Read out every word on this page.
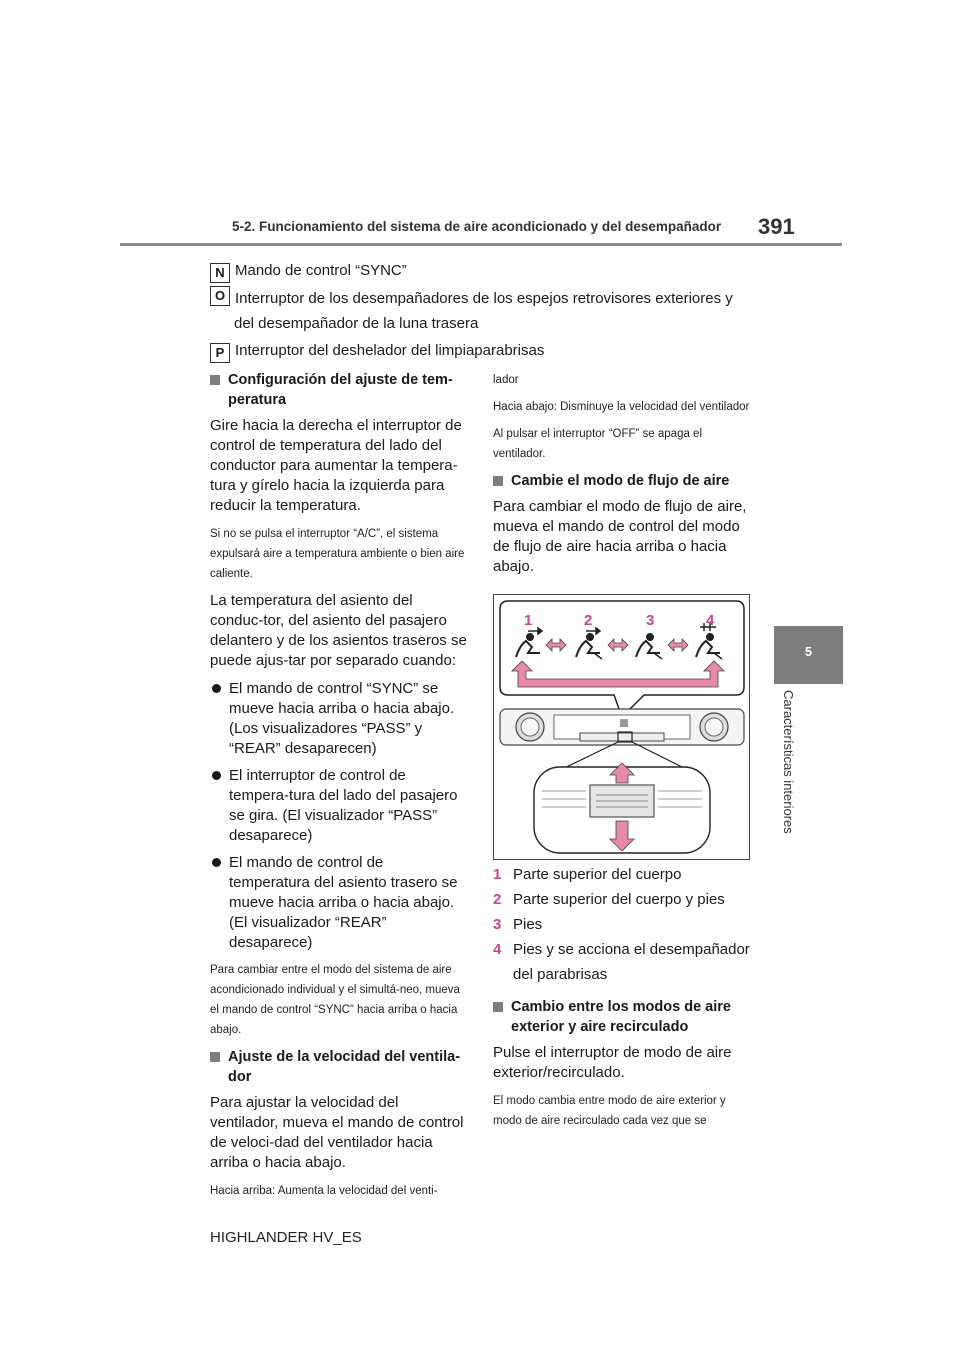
5-2. Funcionamiento del sistema de aire acondicionado y del desempañador 391
5
Características interiores
N Mando de control “SYNC”
O Interruptor de los desempañadores de los espejos retrovisores exteriores y del desempañador de la luna trasera
P Interruptor del deshelador del limpiaparabrisas
Configuración del ajuste de tem-peratura
Gire hacia la derecha el interruptor de control de temperatura del lado del conductor para aumentar la tempera-tura y gírelo hacia la izquierda para reducir la temperatura.
Si no se pulsa el interruptor “A/C”, el sistema expulsará aire a temperatura ambiente o bien aire caliente.
La temperatura del asiento del conduc-tor, del asiento del pasajero delantero y de los asientos traseros se puede ajus-tar por separado cuando:
El mando de control “SYNC” se mueve hacia arriba o hacia abajo. (Los visualizadores “PASS” y “REAR” desaparecen)
El interruptor de control de tempera-tura del lado del pasajero se gira. (El visualizador “PASS” desaparece)
El mando de control de temperatura del asiento trasero se mueve hacia arriba o hacia abajo. (El visualizador “REAR” desaparece)
Para cambiar entre el modo del sistema de aire acondicionado individual y el simultá-neo, mueva el mando de control “SYNC” hacia arriba o hacia abajo.
Ajuste de la velocidad del ventila-dor
Para ajustar la velocidad del ventilador, mueva el mando de control de veloci-dad del ventilador hacia arriba o hacia abajo.
Hacia arriba: Aumenta la velocidad del venti-
lador
Hacia abajo: Disminuye la velocidad del ventilador
Al pulsar el interruptor “OFF” se apaga el ventilador.
Cambie el modo de flujo de aire
Para cambiar el modo de flujo de aire, mueva el mando de control del modo de flujo de aire hacia arriba o hacia abajo.
1	2	3	4
1 Parte superior del cuerpo
2 Parte superior del cuerpo y pies
3 Pies
4 Pies y se acciona el desempañador del parabrisas
Cambio entre los modos de aire exterior y aire recirculado
Pulse el interruptor de modo de aire exterior/recirculado.
El modo cambia entre modo de aire exterior y modo de aire recirculado cada vez que se
HIGHLANDER HV_ES
